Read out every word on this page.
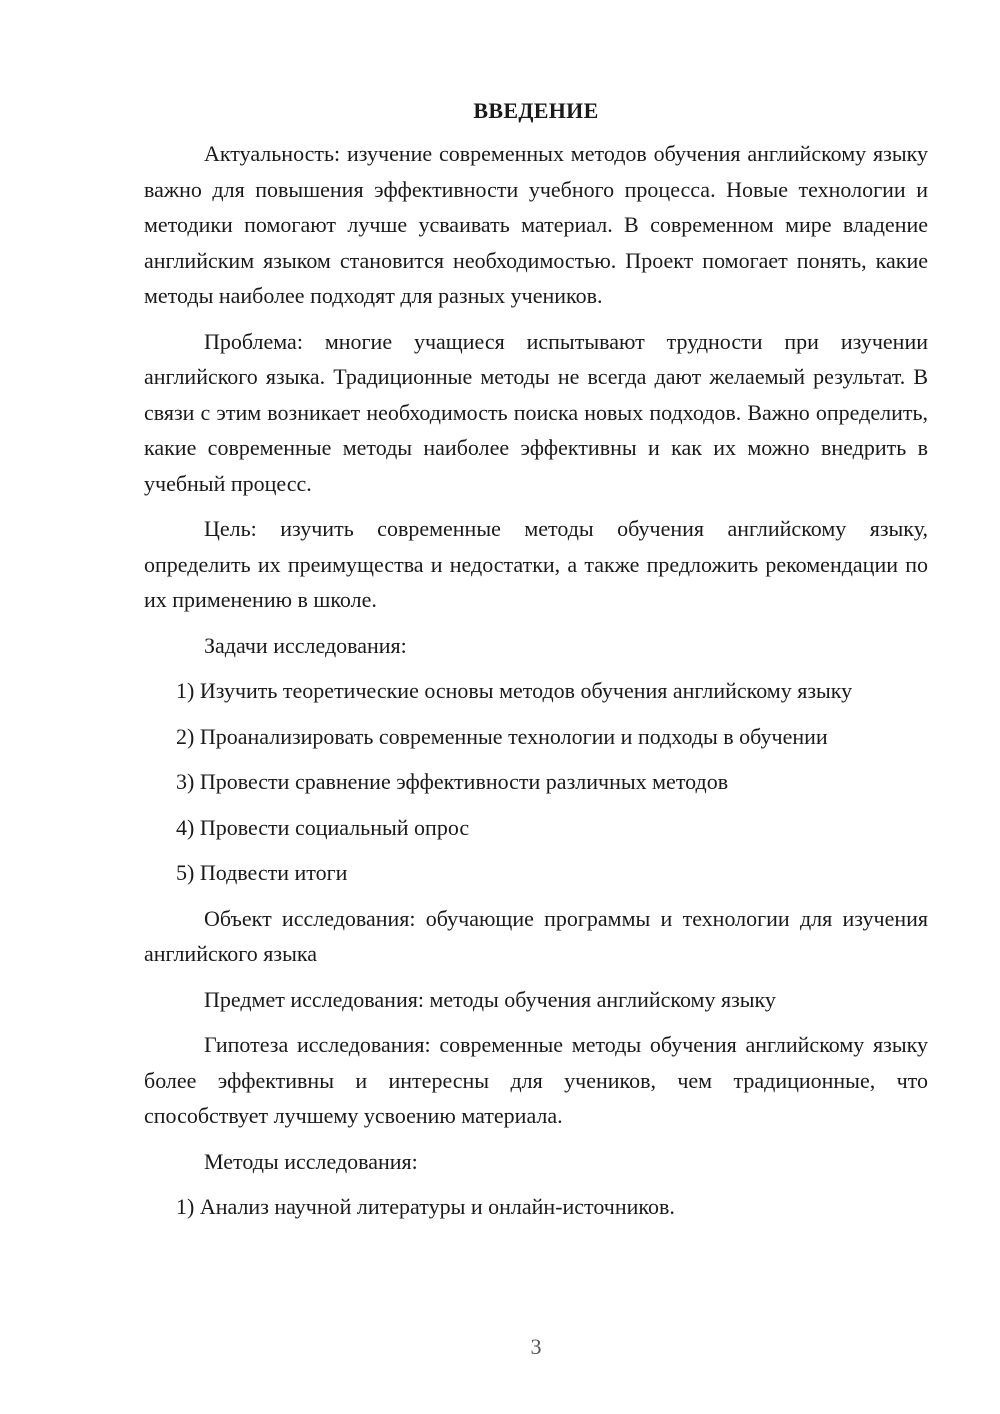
ВВЕДЕНИЕ

Актуальность: изучение современных методов обучения английскому языку важно для повышения эффективности учебного процесса. Новые технологии и методики помогают лучше усваивать материал. В современном мире владение английским языком становится необходимостью. Проект помогает понять, какие методы наиболее подходят для разных учеников.

Проблема: многие учащиеся испытывают трудности при изучении английского языка. Традиционные методы не всегда дают желаемый результат. В связи с этим возникает необходимость поиска новых подходов. Важно определить, какие современные методы наиболее эффективны и как их можно внедрить в учебный процесс.

Цель: изучить современные методы обучения английскому языку, определить их преимущества и недостатки, а также предложить рекомендации по их применению в школе.

Задачи исследования:

1) Изучить теоретические основы методов обучения английскому языку

2) Проанализировать современные технологии и подходы в обучении

3) Провести сравнение эффективности различных методов

4) Провести социальный опрос

5) Подвести итоги

Объект исследования: обучающие программы и технологии для изучения английского языка

Предмет исследования: методы обучения английскому языку

Гипотеза исследования: современные методы обучения английскому языку более эффективны и интересны для учеников, чем традиционные, что способствует лучшему усвоению материала.

Методы исследования:

1) Анализ научной литературы и онлайн-источников.

3
